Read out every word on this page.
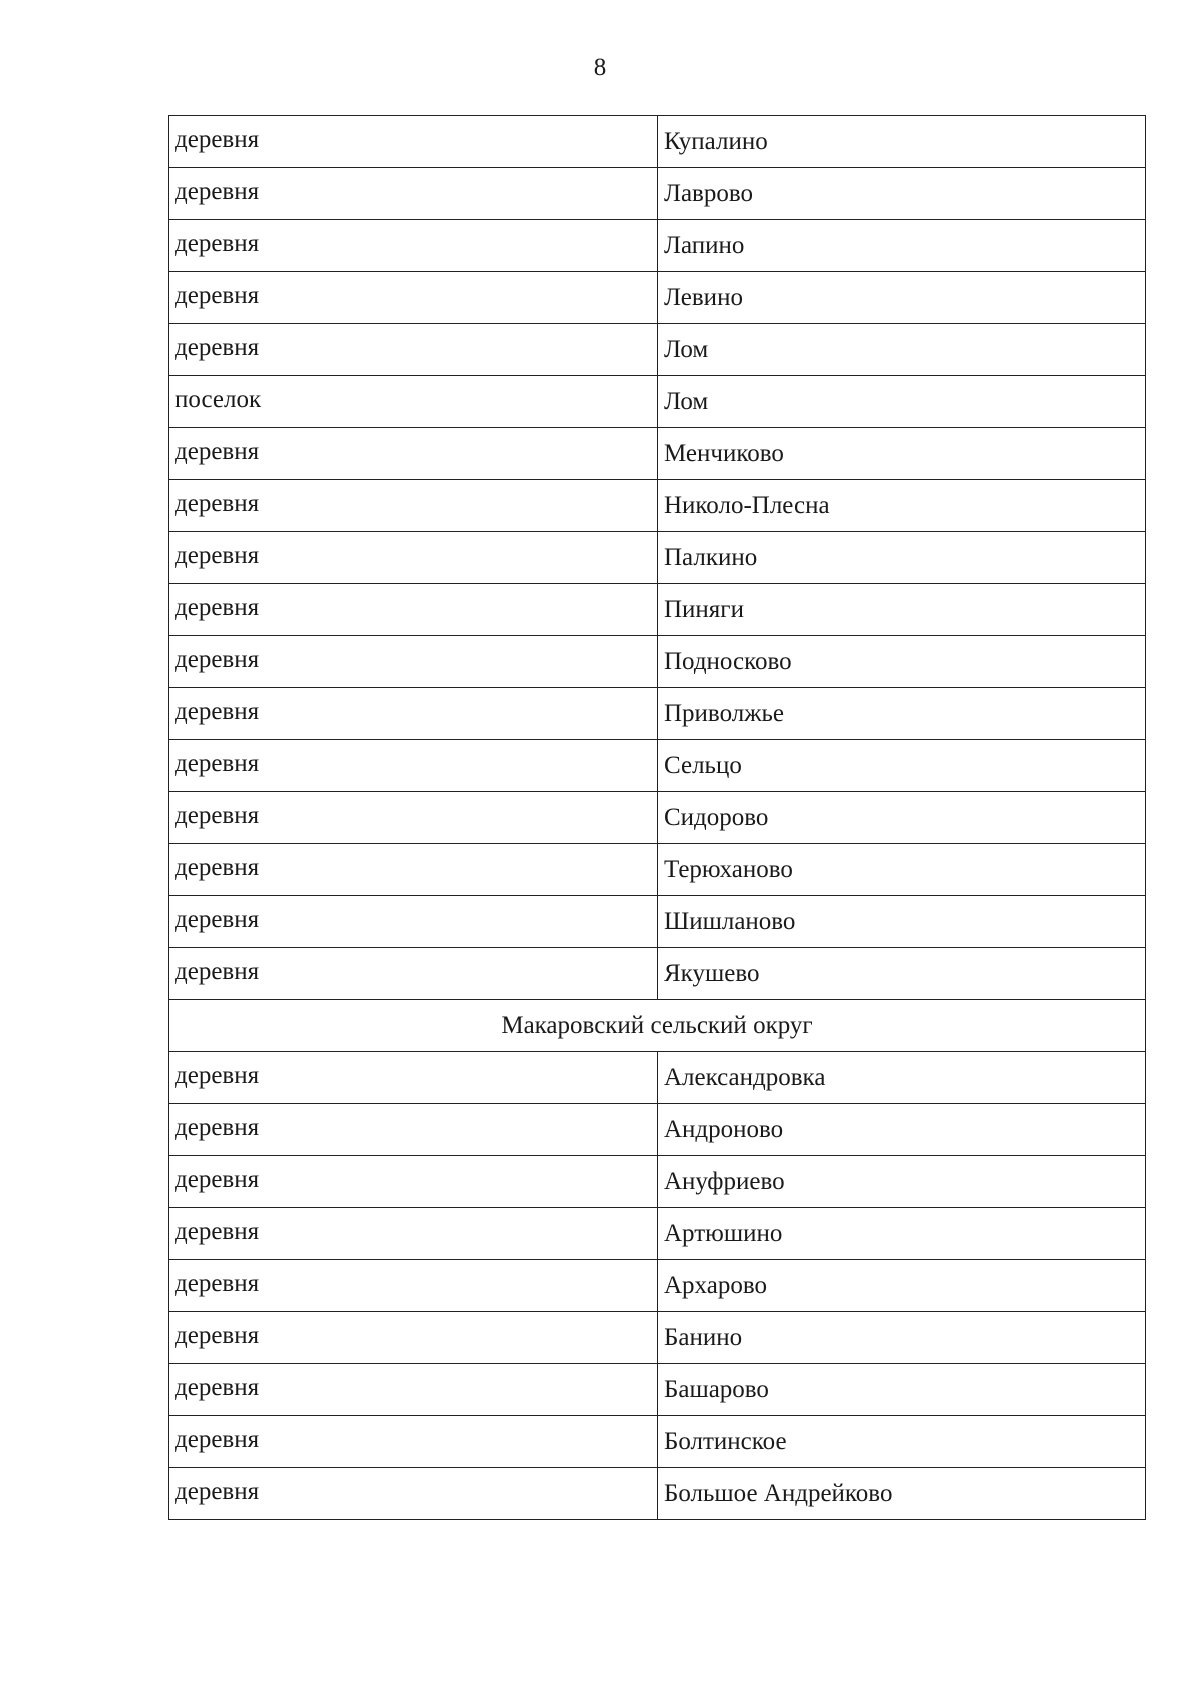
8
деревня	Купалино
деревня	Лаврово
деревня	Лапино
деревня	Левино
деревня	Лом
поселок	Лом
деревня	Менчиково
деревня	Николо-Плесна
деревня	Палкино
деревня	Пиняги
деревня	Подносково
деревня	Приволжье
деревня	Сельцо
деревня	Сидорово
деревня	Терюханово
деревня	Шишланово
деревня	Якушево
Макаровский сельский округ	
деревня	Александровка
деревня	Андроново
деревня	Ануфриево
деревня	Артюшино
деревня	Архарово
деревня	Банино
деревня	Башарово
деревня	Болтинское
деревня	Большое Андрейково
